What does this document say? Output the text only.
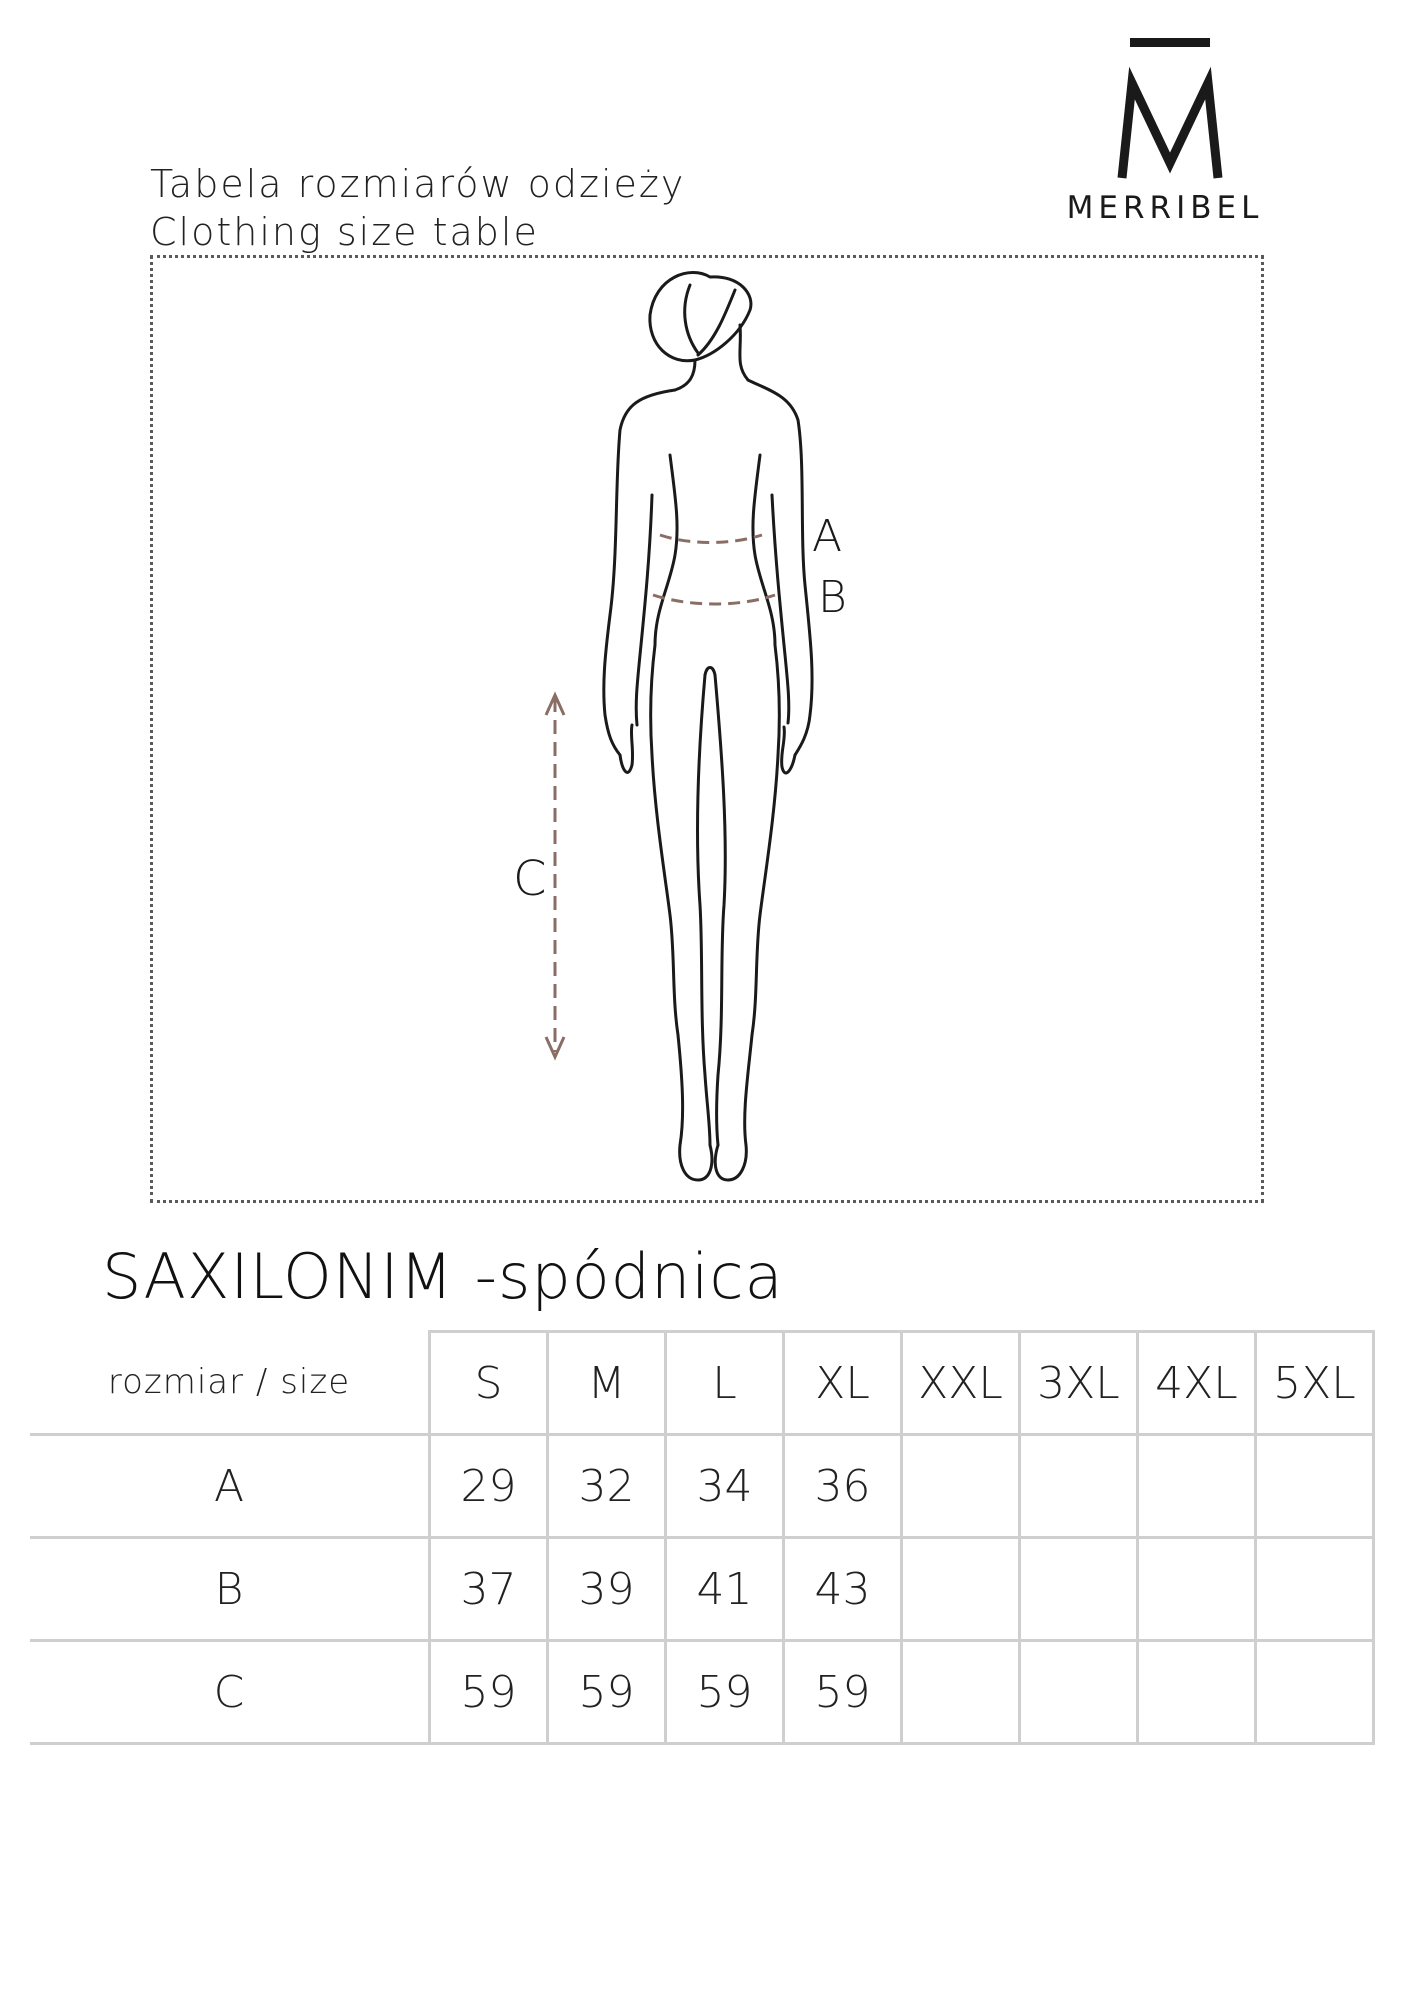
Tabela rozmiarów odzieży
Clothing size table
MERRIBEL
A
B
C
SAXILONIM -spódnica
rozmiar / size	S	M	L	XL	XXL	3XL	4XL	5XL
A	29	32	34	36				
B	37	39	41	43				
C	59	59	59	59				
